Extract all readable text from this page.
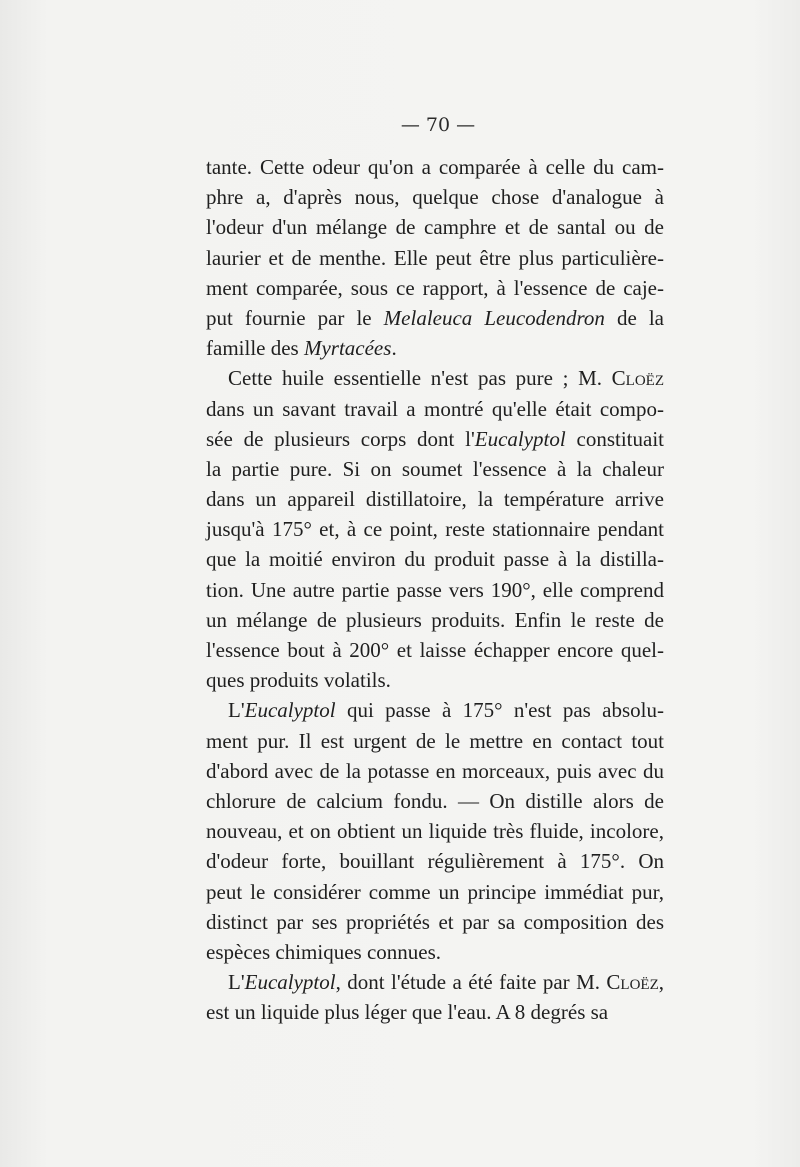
— 70 —
tante. Cette odeur qu'on a comparée à celle du cam-
phre a, d'après nous, quelque chose d'analogue à
l'odeur d'un mélange de camphre et de santal ou de
laurier et de menthe. Elle peut être plus particulière-
ment comparée, sous ce rapport, à l'essence de caje-
put fournie par le Melaleuca Leucodendron de la
famille des Myrtacées.
Cette huile essentielle n'est pas pure ; M. Cloëz
dans un savant travail a montré qu'elle était compo-
sée de plusieurs corps dont l'Eucalyptol constituait
la partie pure. Si on soumet l'essence à la chaleur
dans un appareil distillatoire, la température arrive
jusqu'à 175° et, à ce point, reste stationnaire pendant
que la moitié environ du produit passe à la distilla-
tion. Une autre partie passe vers 190°, elle comprend
un mélange de plusieurs produits. Enfin le reste de
l'essence bout à 200° et laisse échapper encore quel-
ques produits volatils.
L'Eucalyptol qui passe à 175° n'est pas absolu-
ment pur. Il est urgent de le mettre en contact tout
d'abord avec de la potasse en morceaux, puis avec du
chlorure de calcium fondu. — On distille alors de
nouveau, et on obtient un liquide très fluide, incolore,
d'odeur forte, bouillant régulièrement à 175°. On
peut le considérer comme un principe immédiat pur,
distinct par ses propriétés et par sa composition des
espèces chimiques connues.
L'Eucalyptol, dont l'étude a été faite par M. Cloëz,
est un liquide plus léger que l'eau. A 8 degrés sa
